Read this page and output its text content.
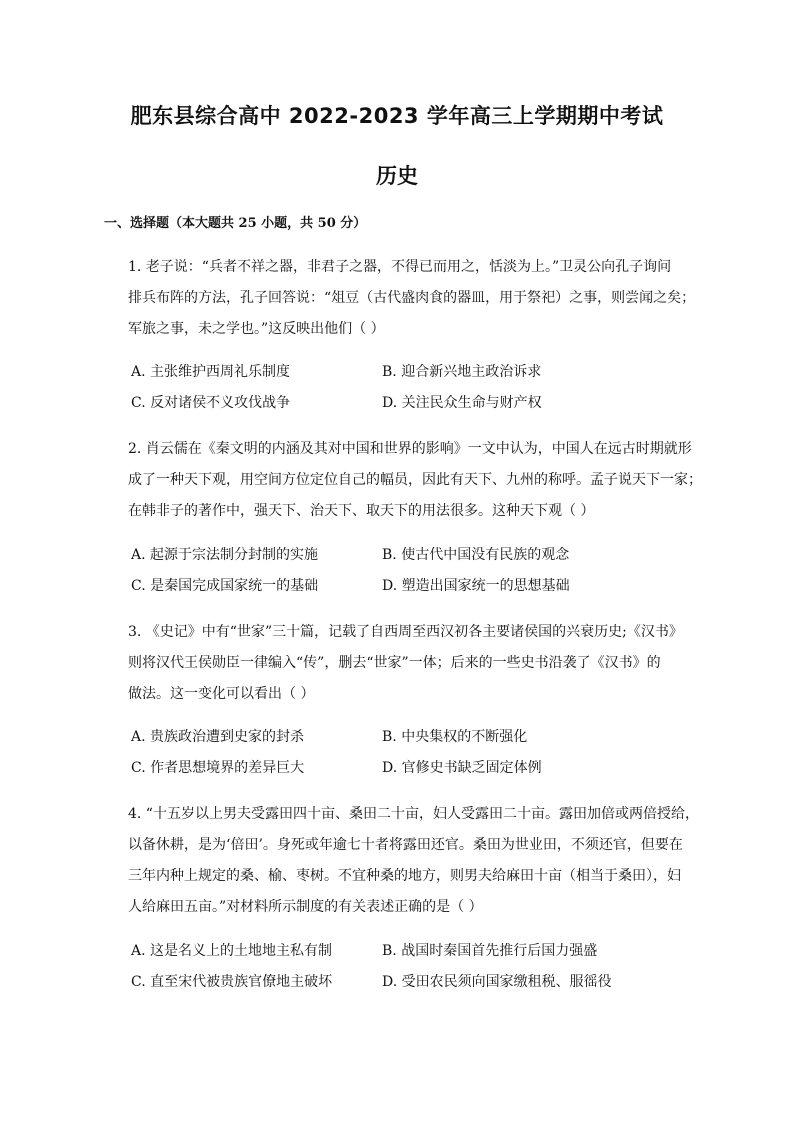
肥东县综合高中 2022-2023 学年高三上学期期中考试
历史
一、选择题（本大题共 25 小题，共 50 分）
1. 老子说：“兵者不祥之器，非君子之器，不得已而用之，恬淡为上。”卫灵公向孔子询问
排兵布阵的方法，孔子回答说：“俎豆（古代盛肉食的器皿，用于祭祀）之事，则尝闻之矣；
军旅之事，未之学也。”这反映出他们（ ）
A. 主张维护西周礼乐制度	B. 迎合新兴地主政治诉求
C. 反对诸侯不义攻伐战争	D. 关注民众生命与财产权
2. 肖云儒在《秦文明的内涵及其对中国和世界的影响》一文中认为，中国人在远古时期就形
成了一种天下观，用空间方位定位自己的幅员，因此有天下、九州的称呼。孟子说天下一家；
在韩非子的著作中，强天下、治天下、取天下的用法很多。这种天下观（ ）
A. 起源于宗法制分封制的实施	B. 使古代中国没有民族的观念
C. 是秦国完成国家统一的基础	D. 塑造出国家统一的思想基础
3. 《史记》中有“世家”三十篇，记载了自西周至西汉初各主要诸侯国的兴衰历史;《汉书》
则将汉代王侯勋臣一律编入“传”，删去“世家”一体；后来的一些史书沿袭了《汉书》的
做法。这一变化可以看出（ ）
A. 贵族政治遭到史家的封杀	B. 中央集权的不断强化
C. 作者思想境界的差异巨大	D. 官修史书缺乏固定体例
4. “十五岁以上男夫受露田四十亩、桑田二十亩，妇人受露田二十亩。露田加倍或两倍授给，
以备休耕，是为‘倍田’。身死或年逾七十者将露田还官。桑田为世业田，不须还官，但要在
三年内种上规定的桑、榆、枣树。不宜种桑的地方，则男夫给麻田十亩（相当于桑田），妇
人给麻田五亩。”对材料所示制度的有关表述正确的是（ ）
A. 这是名义上的土地地主私有制	B. 战国时秦国首先推行后国力强盛
C. 直至宋代被贵族官僚地主破坏	D. 受田农民须向国家缴租税、服徭役
